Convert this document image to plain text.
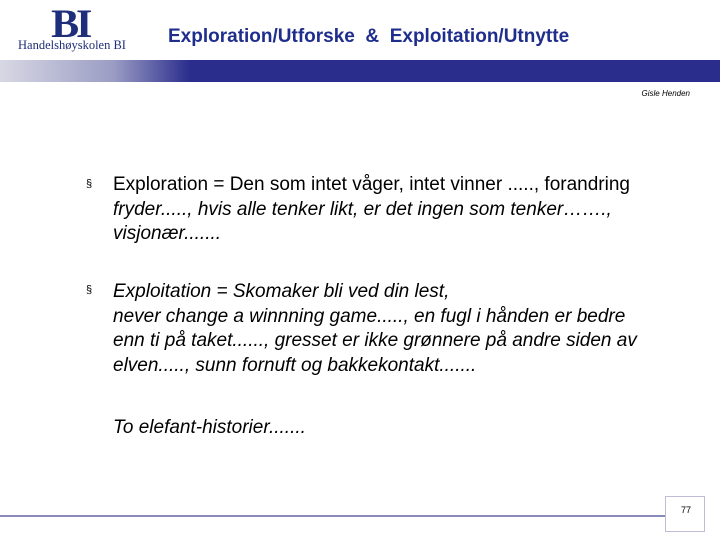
BI
Handelshøyskolen BI Exploration/Utforske  &  Exploitation/Utnytte
Gisle Henden
§ Exploration = Den som intet våger, intet vinner ....., forandring
fryder....., hvis alle tenker likt, er det ingen som tenker…….,
visjonær.......
§ Exploitation = Skomaker bli ved din lest,
never change a winnning game....., en fugl i hånden er bedre
enn ti på taket......, gresset er ikke grønnere på andre siden av
elven....., sunn fornuft og bakkekontakt.......
To elefant-historier.......
77
